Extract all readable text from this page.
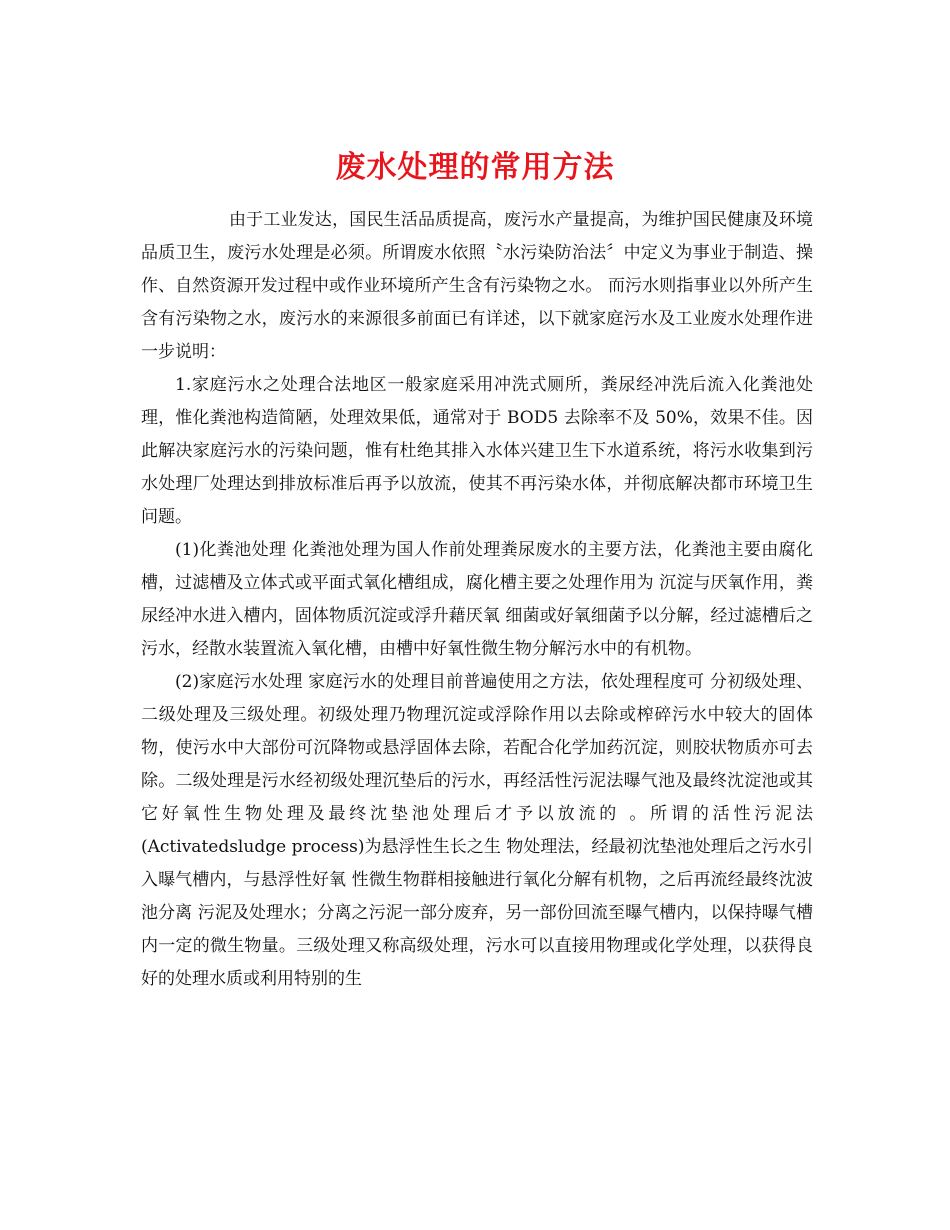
废水处理的常用方法

由于工业发达，国民生活品质提高，废污水产量提高，为维护国民健康及环境品质卫生，废污水处理是必须。所谓废水依照〝水污染防治法〞中定义为事业于制造、操作、自然资源开发过程中或作业环境所产生含有污染物之水。 而污水则指事业以外所产生含有污染物之水，废污水的来源很多前面已有详述，以下就家庭污水及工业废水处理作进一步说明：

1.家庭污水之处理合法地区一般家庭采用冲洗式厕所，粪尿经冲洗后流入化粪池处理，惟化粪池构造简陋，处理效果低，通常对于 BOD5 去除率不及 50%，效果不佳。因此解决家庭污水的污染问题，惟有杜绝其排入水体兴建卫生下水道系统，将污水收集到污水处理厂处理达到排放标准后再予以放流，使其不再污染水体，并彻底解决都市环境卫生问题。

(1)化粪池处理 化粪池处理为国人作前处理粪尿废水的主要方法，化粪池主要由腐化槽，过滤槽及立体式或平面式氧化槽组成，腐化槽主要之处理作用为 沉淀与厌氧作用，粪尿经冲水进入槽内，固体物质沉淀或浮升藉厌氧 细菌或好氧细菌予以分解，经过滤槽后之污水，经散水装置流入氧化槽，由槽中好氧性微生物分解污水中的有机物。

(2)家庭污水处理 家庭污水的处理目前普遍使用之方法，依处理程度可 分初级处理、二级处理及三级处理。初级处理乃物理沉淀或浮除作用以去除或榨碎污水中较大的固体物，使污水中大部份可沉降物或悬浮固体去除，若配合化学加药沉淀，则胶状物质亦可去除。二级处理是污水经初级处理沉垫后的污水，再经活性污泥法曝气池及最终沈淀池或其它好氧性生物处理及最终沈垫池处理后才予以放流的 。所谓的活性污泥法 (Activatedsludge process)为悬浮性生长之生 物处理法，经最初沈垫池处理后之污水引入曝气槽内，与悬浮性好氧 性微生物群相接触进行氧化分解有机物，之后再流经最终沈波池分离 污泥及处理水；分离之污泥一部分废弃，另一部份回流至曝气槽内，以保持曝气槽内一定的微生物量。三级处理又称高级处理，污水可以直接用物理或化学处理，以获得良好的处理水质或利用特别的生
